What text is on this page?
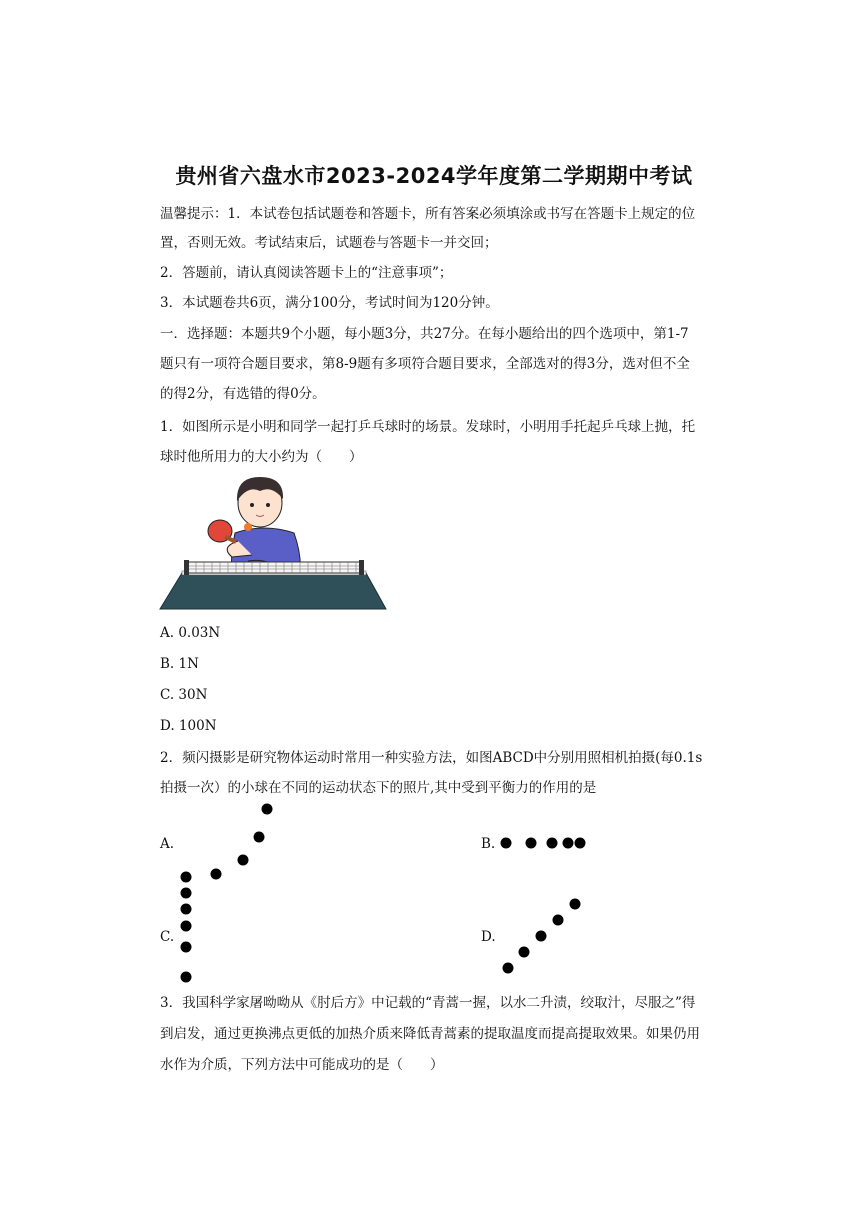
贵州省六盘水市2023-2024学年度第二学期期中考试
温馨提示：1．本试卷包括试题卷和答题卡，所有答案必须填涂或书写在答题卡上规定的位
置，否则无效。考试结束后，试题卷与答题卡一并交回；
2．答题前，请认真阅读答题卡上的“注意事项”；
3．本试题卷共6页，满分100分，考试时间为120分钟。
一．选择题：本题共9个小题，每小题3分，共27分。在每小题给出的四个选项中，第1-7
题只有一项符合题目要求，第8-9题有多项符合题目要求，全部选对的得3分，选对但不全
的得2分，有选错的得0分。
1．如图所示是小明和同学一起打乒乓球时的场景。发球时，小明用手托起乒乓球上抛，托
球时他所用力的大小约为（　　）
A. 0.03N
B. 1N
C. 30N
D. 100N
2．频闪摄影是研究物体运动时常用一种实验方法，如图ABCD中分别用照相机拍摄(每0.1s
拍摄一次）的小球在不同的运动状态下的照片,其中受到平衡力的作用的是
A.	B.
C.	D.
3．我国科学家屠呦呦从《肘后方》中记载的“青蒿一握，以水二升渍，绞取汁，尽服之”得
到启发，通过更换沸点更低的加热介质来降低青蒿素的提取温度而提高提取效果。如果仍用
水作为介质，下列方法中可能成功的是（　　）
